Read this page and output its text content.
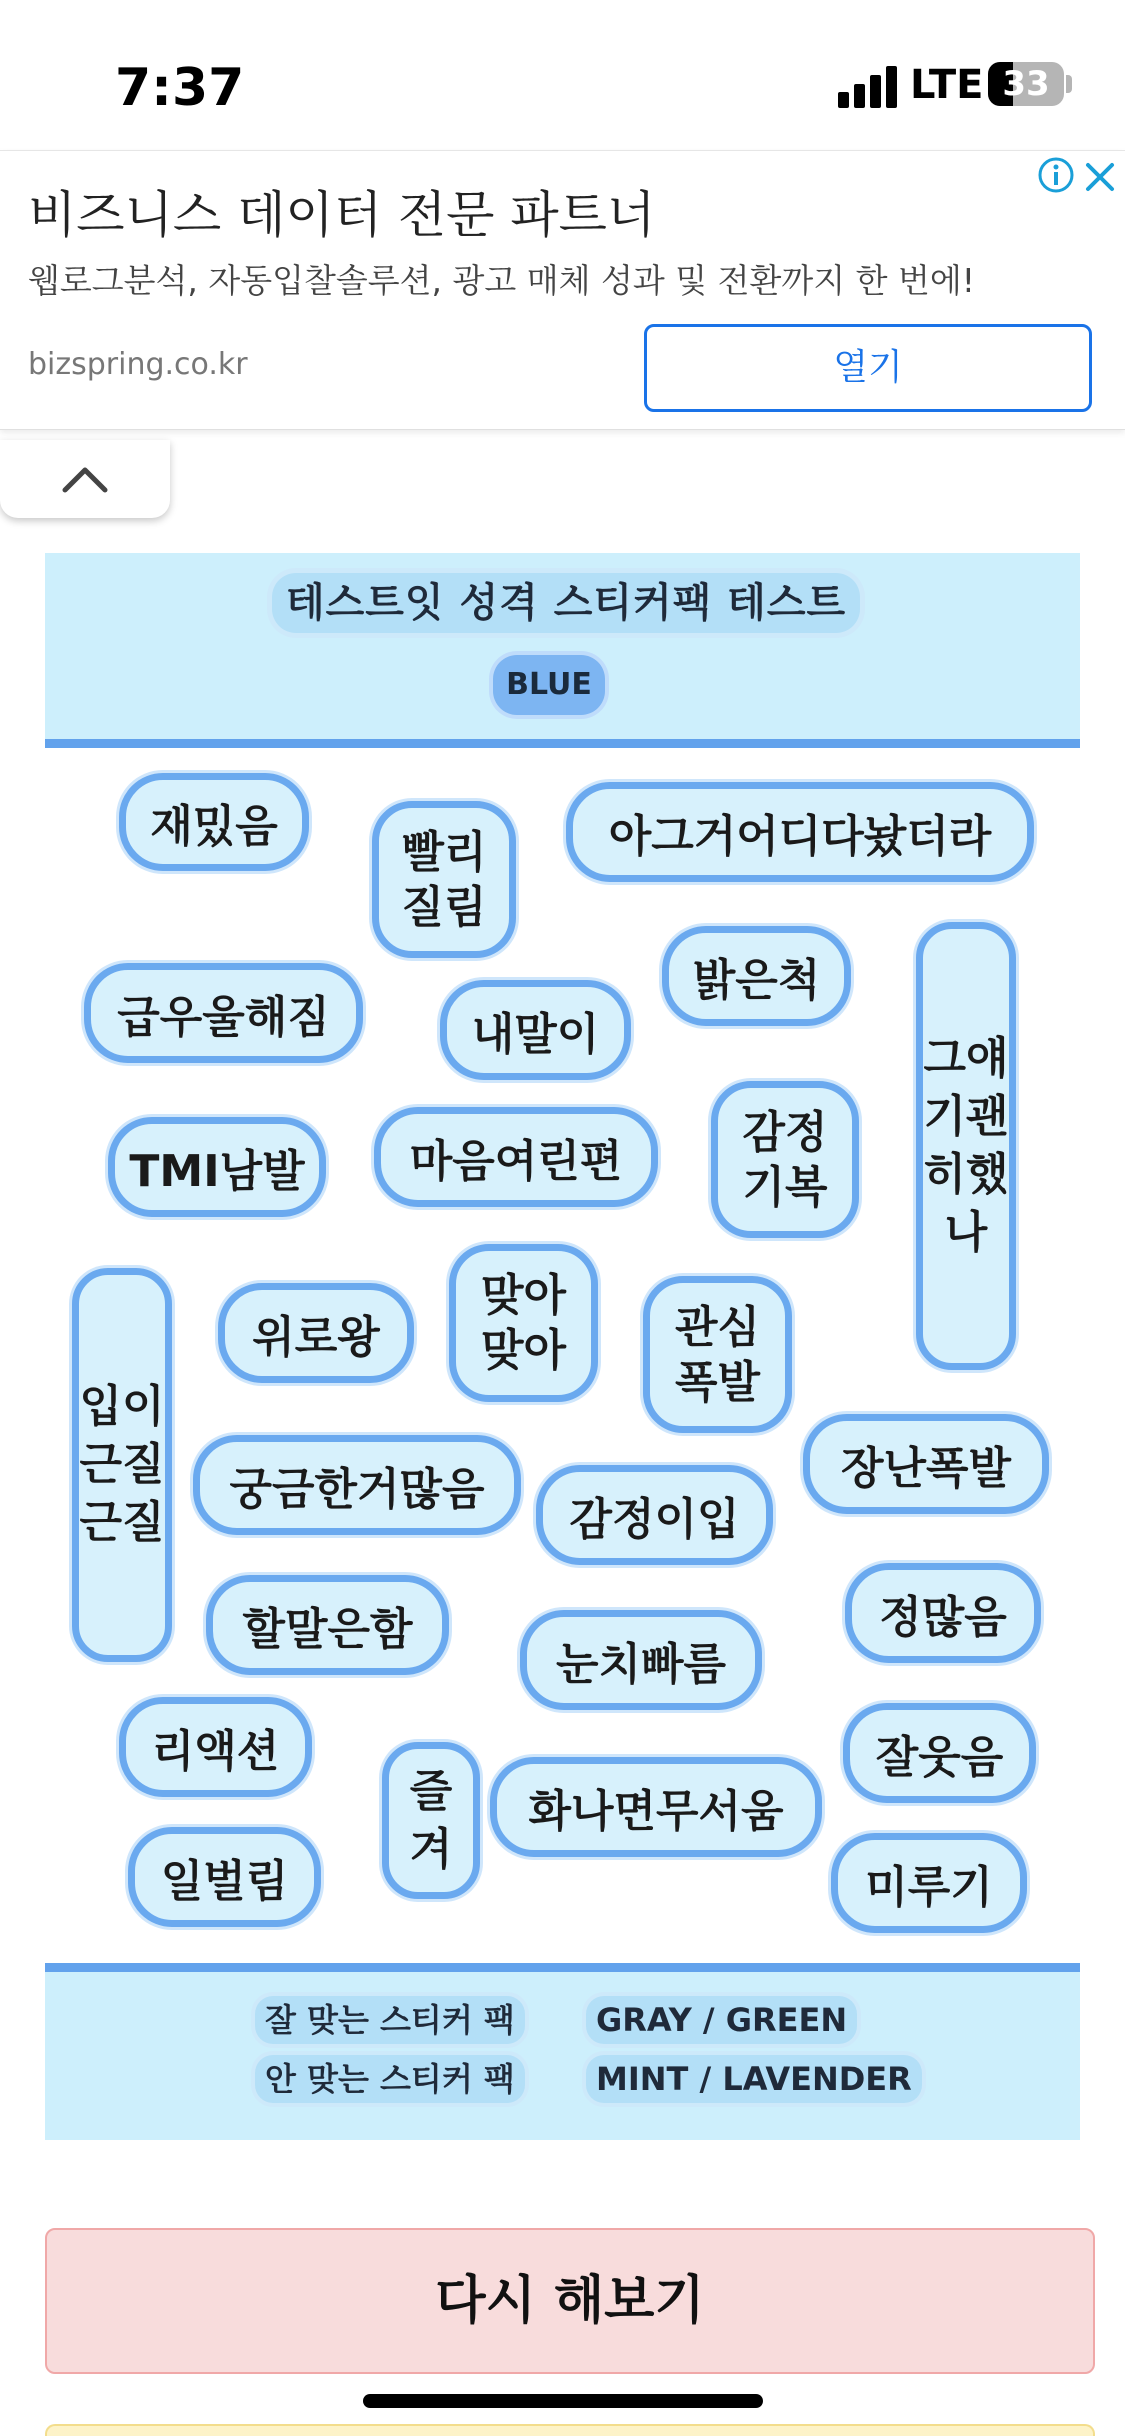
7:37	LTE 33
비즈니스 데이터 전문 파트너
웹로그분석, 자동입찰솔루션, 광고 매체 성과 및 전환까지 한 번에!
bizspring.co.kr	열기
테스트잇 성격 스티커팩 테스트
BLUE
재밌음	빨리 질림
아그거어디다놨더라
밝은척
그얘기괜히했나
급우울해짐	내말이
TMI남발	마음여린편
감정 기복
입이근질근질
위로왕
맞아 맞아	관심 폭발
궁금한거많음
감정이입
장난폭발
할말은함	정많음
눈치빠름
리액션
즐겨
화나면무서움
잘웃음
일벌림	미루기
잘 맞는 스티커 팩	GRAY / GREEN
안 맞는 스티커 팩	MINT / LAVENDER
다시 해보기
